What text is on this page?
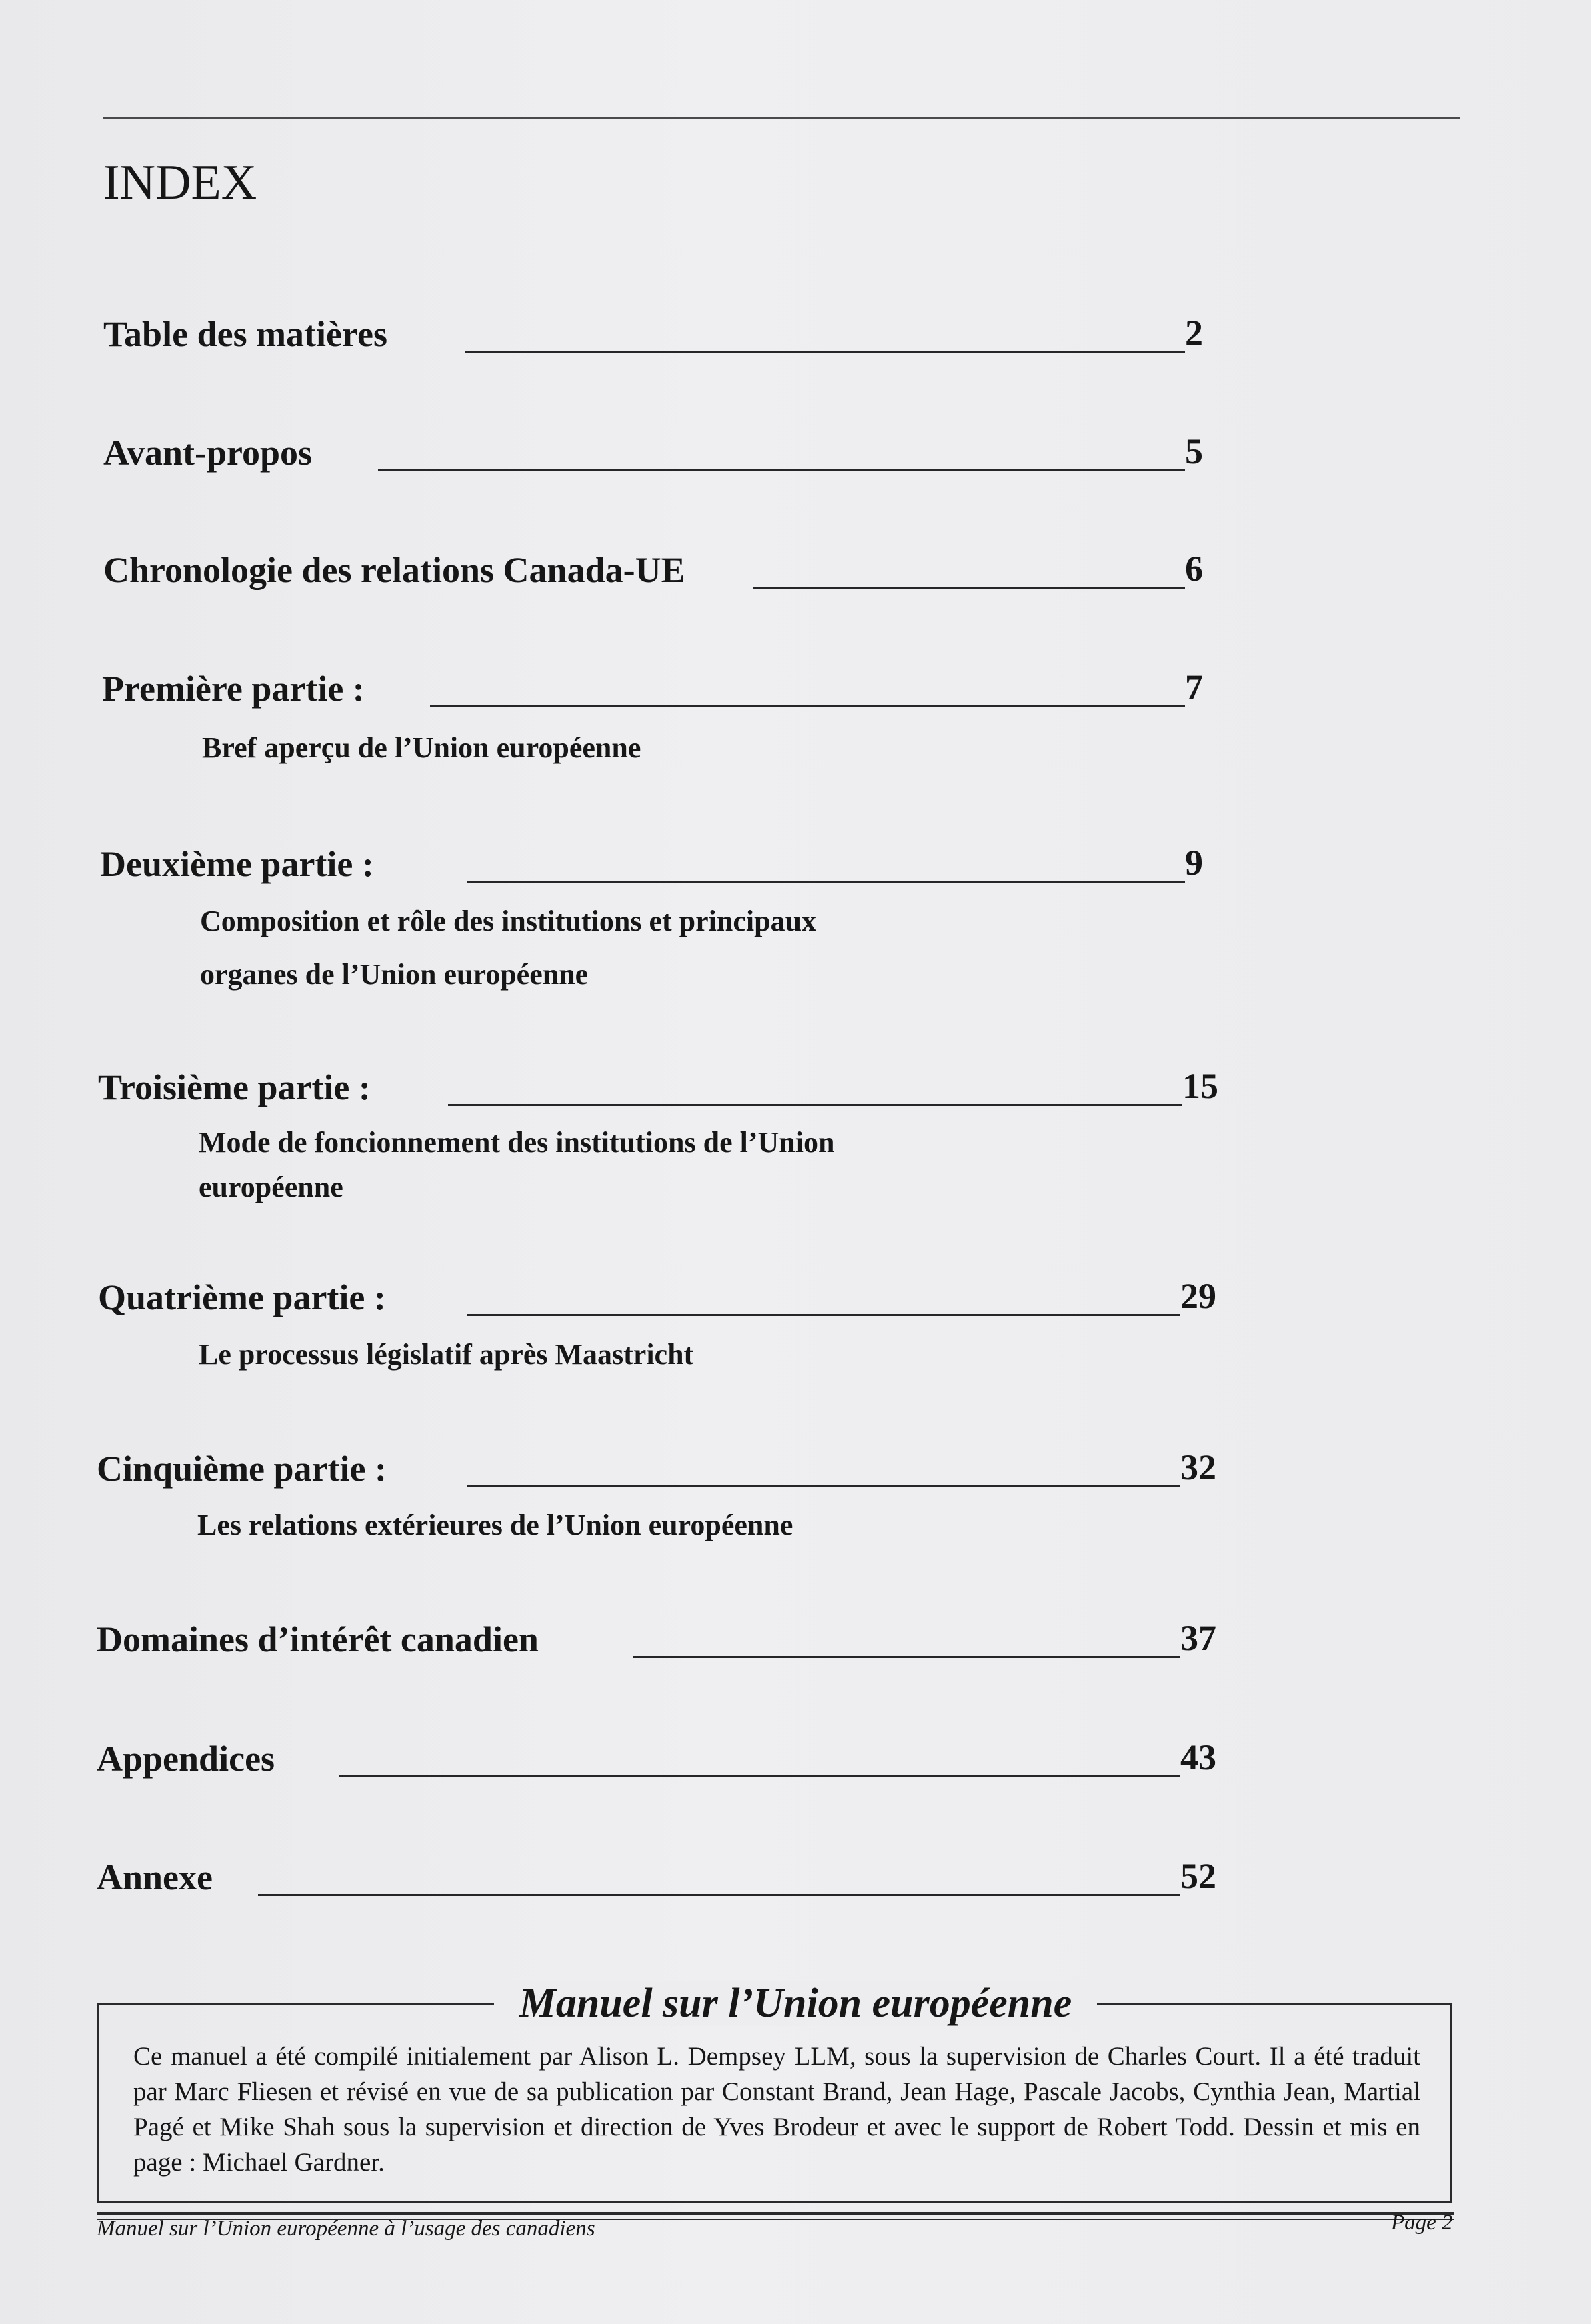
INDEX
Table des matières	2
Avant-propos	5
Chronologie des relations Canada-UE	6
Première partie :	7
Bref aperçu de l’Union européenne
Deuxième partie :	9
Composition et rôle des institutions et principaux
organes de l’Union européenne
Troisième partie :	15
Mode de foncionnement des institutions de l’Union
européenne
Quatrième partie :	29
Le processus législatif après Maastricht
Cinquième partie :	32
Les relations extérieures de l’Union européenne
Domaines d’intérêt canadien	37
Appendices	43
Annexe	52
Manuel sur l’Union européenne
Ce manuel a été compilé initialement par Alison L. Dempsey LLM, sous la supervision de Charles Court. Il a été traduit par Marc Fliesen et révisé en vue de sa publication par Constant Brand, Jean Hage, Pascale Jacobs, Cynthia Jean, Martial Pagé et Mike Shah sous la supervision et direction de Yves Brodeur et avec le support de Robert Todd. Dessin et mis en page : Michael Gardner.
Manuel sur l’Union européenne à l’usage des canadiens	Page 2
